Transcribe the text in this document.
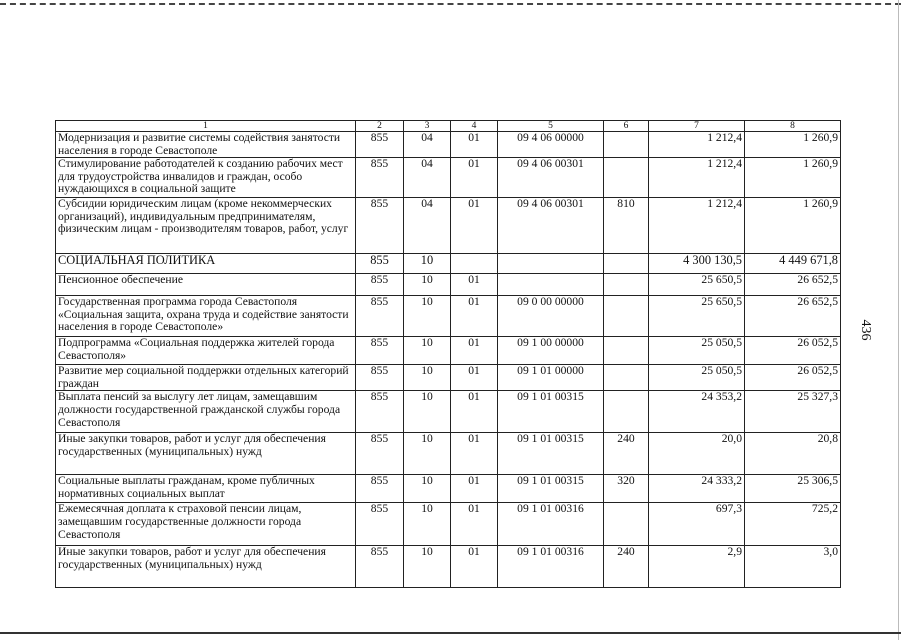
436
1	2	3	4	5	6	7	8
Модернизация и развитие системы содействия занятости населения в городе Севастополе	855	04	01	09 4 06 00000		1 212,4	1 260,9
Стимулирование работодателей к созданию рабочих мест для трудоустройства инвалидов и граждан, особо нуждающихся в социальной защите	855	04	01	09 4 06 00301		1 212,4	1 260,9
Субсидии юридическим лицам (кроме некоммерческих организаций), индивидуальным предпринимателям, физическим лицам - производителям товаров, работ, услуг	855	04	01	09 4 06 00301	810	1 212,4	1 260,9
СОЦИАЛЬНАЯ ПОЛИТИКА	855	10				4 300 130,5	4 449 671,8
Пенсионное обеспечение	855	10	01			25 650,5	26 652,5
Государственная программа города Севастополя «Социальная защита, охрана труда и содействие занятости населения в городе Севастополе»	855	10	01	09 0 00 00000		25 650,5	26 652,5
Подпрограмма «Социальная поддержка жителей города Севастополя»	855	10	01	09 1 00 00000		25 050,5	26 052,5
Развитие мер социальной поддержки отдельных категорий граждан	855	10	01	09 1 01 00000		25 050,5	26 052,5
Выплата пенсий за выслугу лет лицам, замещавшим должности государственной гражданской службы города Севастополя	855	10	01	09 1 01 00315		24 353,2	25 327,3
Иные закупки товаров, работ и услуг для обеспечения государственных (муниципальных) нужд	855	10	01	09 1 01 00315	240	20,0	20,8
Социальные выплаты гражданам, кроме публичных нормативных социальных выплат	855	10	01	09 1 01 00315	320	24 333,2	25 306,5
Ежемесячная доплата к страховой пенсии лицам, замещавшим государственные должности города Севастополя	855	10	01	09 1 01 00316		697,3	725,2
Иные закупки товаров, работ и услуг для обеспечения государственных (муниципальных) нужд	855	10	01	09 1 01 00316	240	2,9	3,0
